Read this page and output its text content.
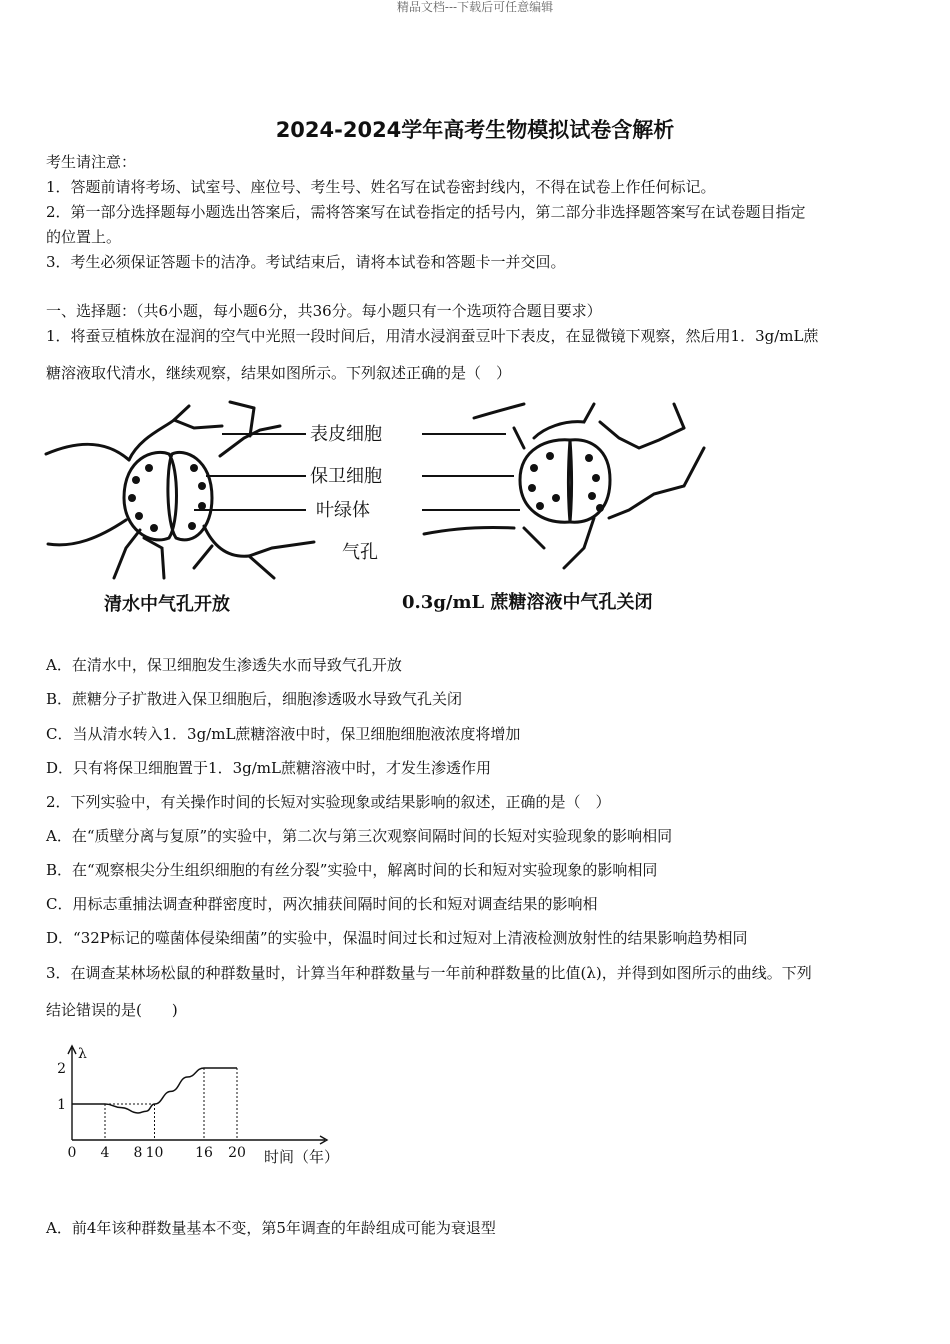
精品文档---下载后可任意编辑
2024-2024学年高考生物模拟试卷含解析
考生请注意：
1．答题前请将考场、试室号、座位号、考生号、姓名写在试卷密封线内，不得在试卷上作任何标记。
2．第一部分选择题每小题选出答案后，需将答案写在试卷指定的括号内，第二部分非选择题答案写在试卷题目指定
的位置上。
3．考生必须保证答题卡的洁净。考试结束后，请将本试卷和答题卡一并交回。
一、选择题：（共6小题，每小题6分，共36分。每小题只有一个选项符合题目要求）
1．将蚕豆植株放在湿润的空气中光照一段时间后，用清水浸润蚕豆叶下表皮，在显微镜下观察，然后用1．3g/mL蔗
糖溶液取代清水，继续观察，结果如图所示。下列叙述正确的是（　）
表皮细胞
保卫细胞
叶绿体
气孔
清水中气孔开放	0.3g/mL 蔗糖溶液中气孔关闭
A．在清水中，保卫细胞发生渗透失水而导致气孔开放
B．蔗糖分子扩散进入保卫细胞后，细胞渗透吸水导致气孔关闭
C．当从清水转入1．3g/mL蔗糖溶液中时，保卫细胞细胞液浓度将增加
D．只有将保卫细胞置于1．3g/mL蔗糖溶液中时，才发生渗透作用
2．下列实验中，有关操作时间的长短对实验现象或结果影响的叙述，正确的是（　）
A．在“质壁分离与复原”的实验中，第二次与第三次观察间隔时间的长短对实验现象的影响相同
B．在“观察根尖分生组织细胞的有丝分裂”实验中，解离时间的长和短对实验现象的影响相同
C．用标志重捕法调查种群密度时，两次捕获间隔时间的长和短对调查结果的影响相
D．“32P标记的噬菌体侵染细菌”的实验中，保温时间过长和过短对上清液检测放射性的结果影响趋势相同
3．在调查某林场松鼠的种群数量时，计算当年种群数量与一年前种群数量的比值(λ)，并得到如图所示的曲线。下列
结论错误的是(　　)
λ
时间（年）
0 4 8 10 16 20
1
2
A．前4年该种群数量基本不变，第5年调查的年龄组成可能为衰退型
